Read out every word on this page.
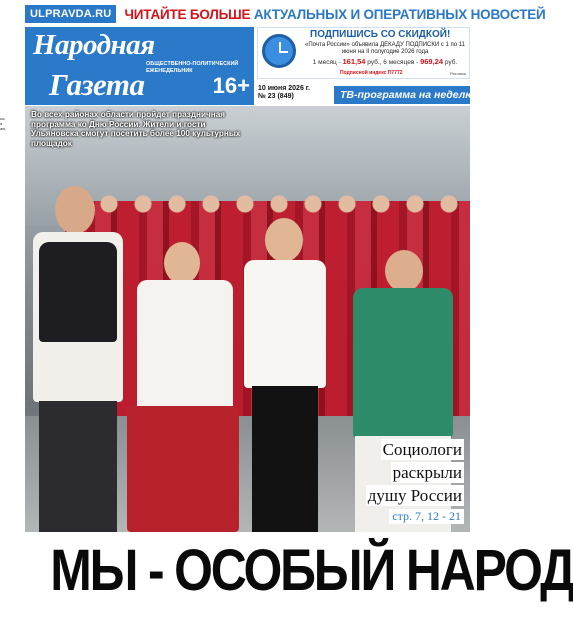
ыс
а
аю,
ULPRAVDA.RU ЧИТАЙТЕ БОЛЬШЕ АКТУАЛЬНЫХ И ОПЕРАТИВНЫХ НОВОСТЕЙ
Народная
Газета
ОБЩЕСТВЕННО-ПОЛИТИЧЕСКИЙ ЕЖЕНЕДЕЛЬНИК
16+
ПОДПИШИСЬ СО СКИДКОЙ!
«Почта России» объявила ДЕКАДУ ПОДПИСКИ с 1 по 11 июня на II полугодие 2026 года
1 месяц - 161,54 руб., 6 месяцев - 969,24 руб.
Подписной индекс П7772	Реклама
10 июня 2026 г.
№ 23 (849)	ТВ-программа на неделю
Во всех районах области пройдет праздничная программа ко Дню России. Жители и гости Ульяновска смогут посетить более 100 культурных площадок
Социологи
раскрыли
душу России
стр. 7, 12 - 21
МЫ - ОСОБЫЙ НАРОД
